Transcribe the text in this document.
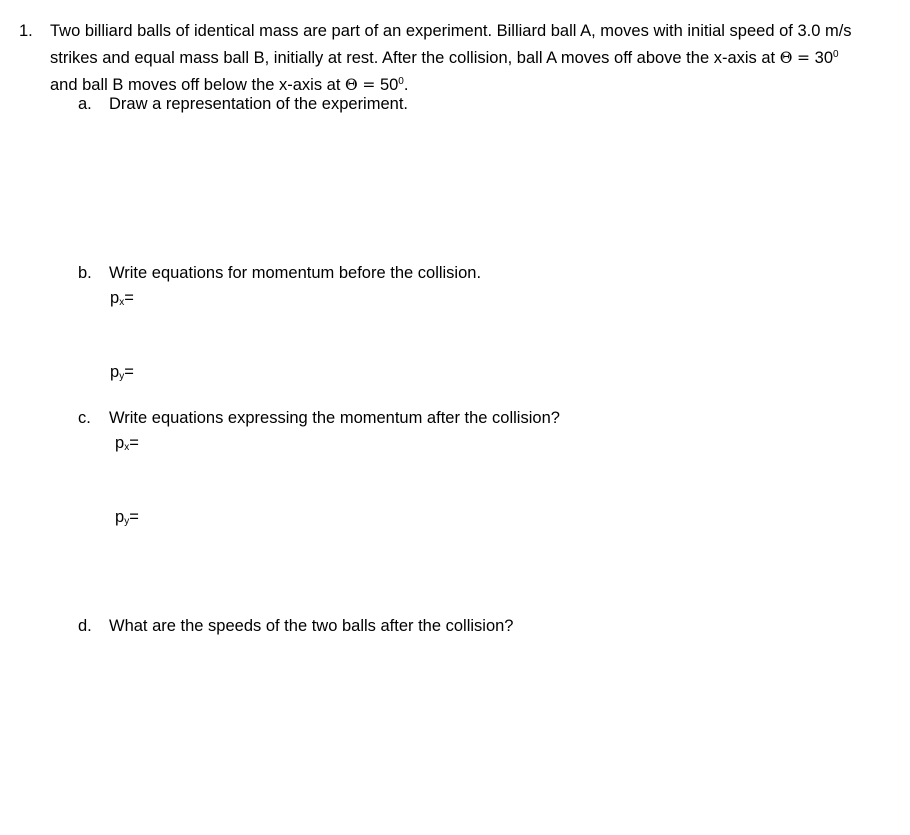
1. Two billiard balls of identical mass are part of an experiment. Billiard ball A, moves with initial speed of 3.0 m/s

strikes and equal mass ball B, initially at rest. After the collision, ball A moves off above the x-axis at $\Theta = 30^0$

and ball B moves off below the x-axis at $\Theta = 50^0$.

a. Draw a representation of the experiment.
b. Write equations for momentum before the collision.
$p_x=$
$p_y=$
c. Write equations expressing the momentum after the collision?
$p_x=$
$p_y=$
d. What are the speeds of the two balls after the collision?
